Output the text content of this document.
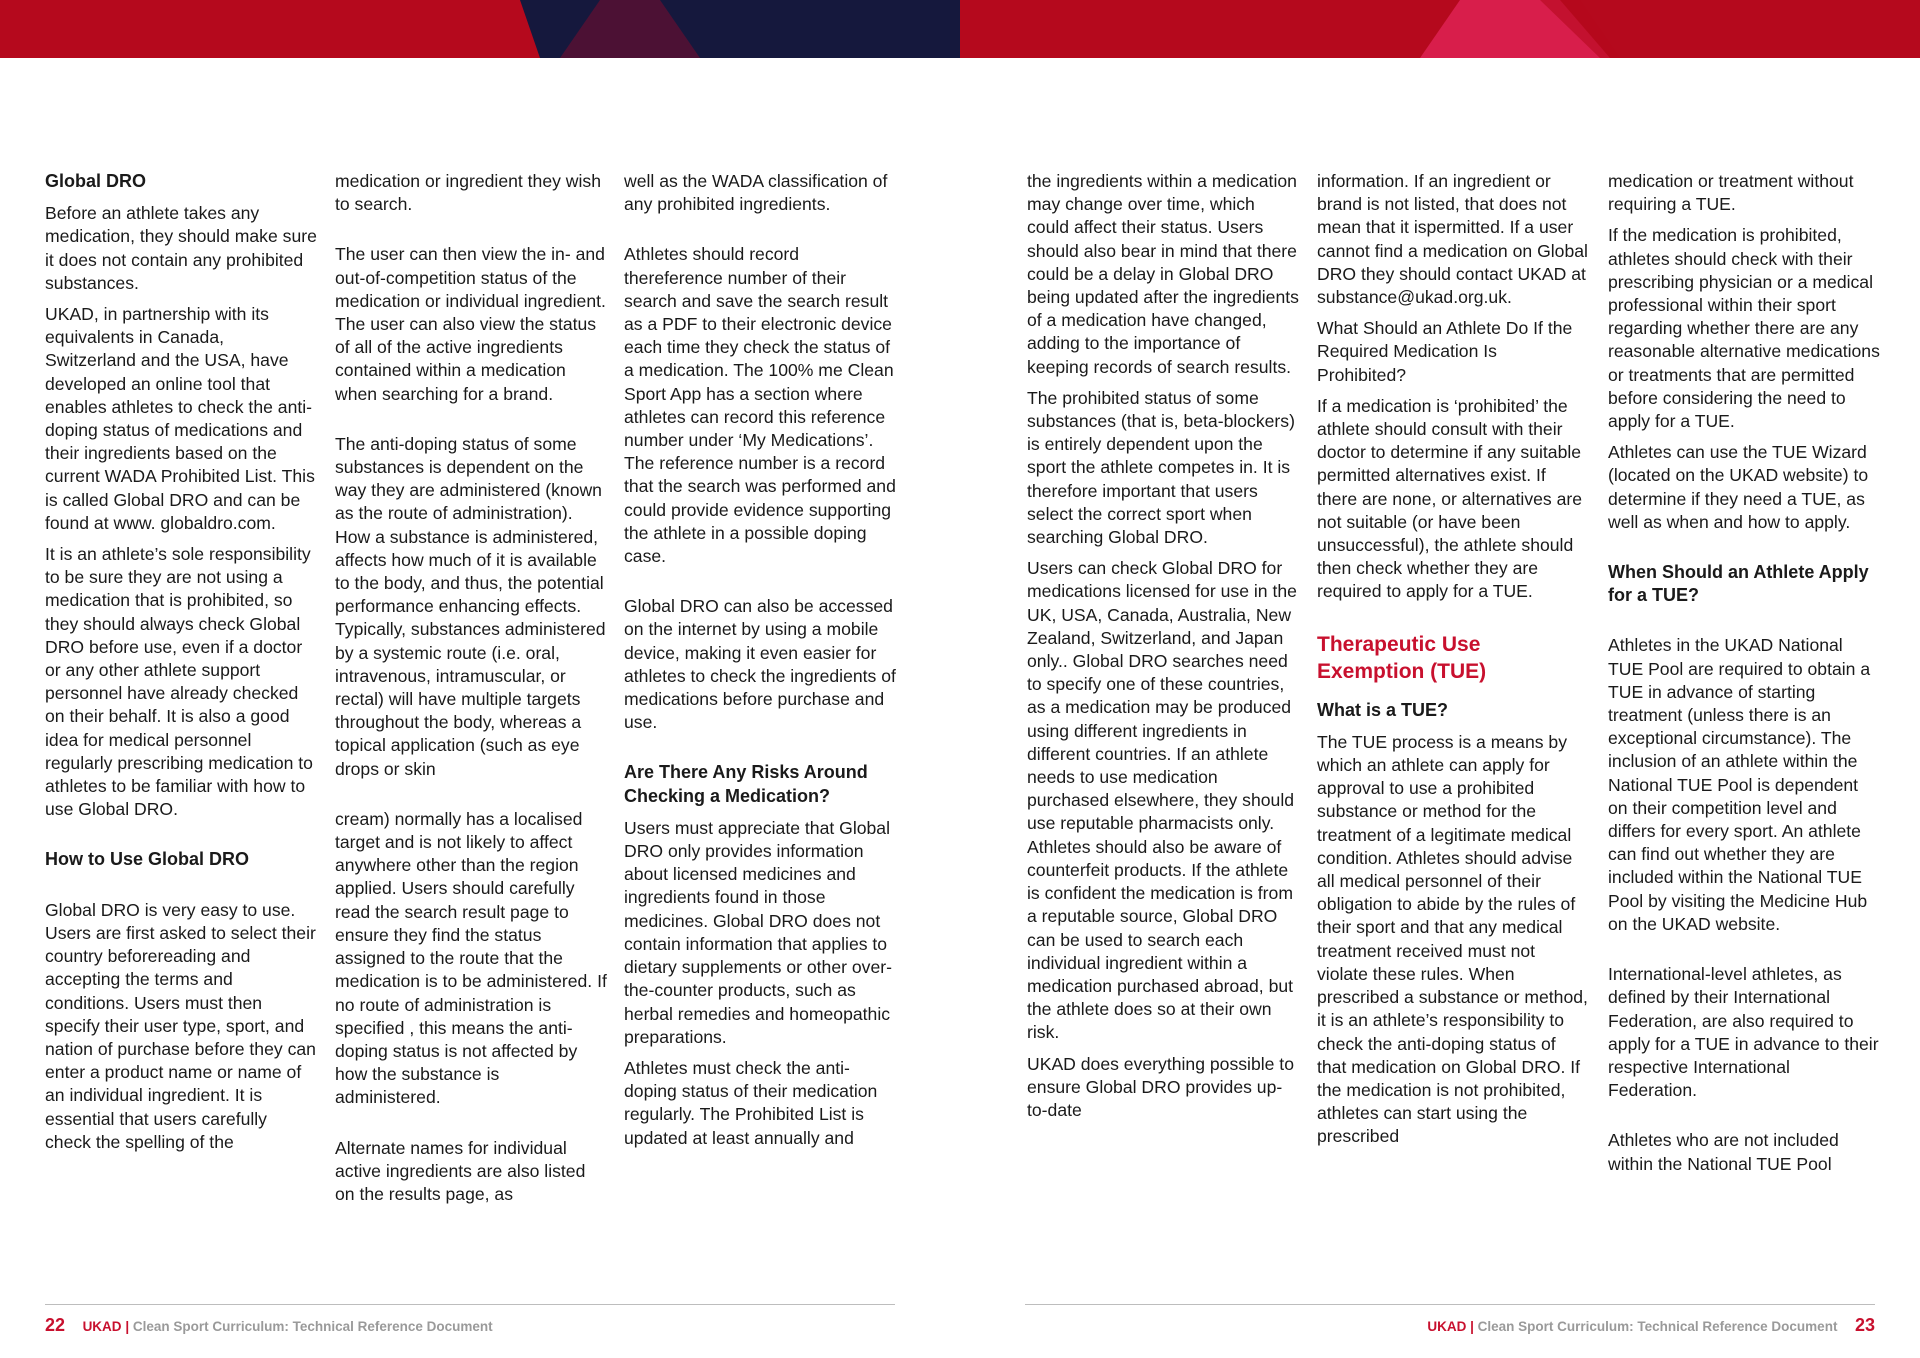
Global DRO

Before an athlete takes any medication, they should make sure it does not contain any prohibited substances.

UKAD, in partnership with its equivalents in Canada, Switzerland and the USA, have developed an online tool that enables athletes to check the anti-doping status of medications and their ingredients based on the current WADA Prohibited List. This is called Global DRO and can be found at www. globaldro.com.

It is an athlete’s sole responsibility to be sure they are not using a medication that is prohibited, so they should always check Global DRO before use, even if a doctor or any other athlete support personnel have already checked on their behalf. It is also a good idea for medical personnel regularly prescribing medication to athletes to be familiar with how to use Global DRO.

How to Use Global DRO

Global DRO is very easy to use. Users are first asked to select their country beforereading and accepting the terms and conditions. Users must then specify their user type, sport, and nation of purchase before they can enter a product name or name of an individual ingredient. It is essential that users carefully check the spelling of the

medication or ingredient they wish to search.

The user can then view the in- and out-of-competition status of the medication or individual ingredient. The user can also view the status of all of the active ingredients contained within a medication when searching for a brand.

The anti-doping status of some substances is dependent on the way they are administered (known as the route of administration). How a substance is administered, affects how much of it is available to the body, and thus, the potential performance enhancing effects. Typically, substances administered by a systemic route (i.e. oral, intravenous, intramuscular, or rectal) will have multiple targets throughout the body, whereas a topical application (such as eye drops or skin

cream) normally has a localised target and is not likely to affect anywhere other than the region applied. Users should carefully read the search result page to ensure they find the status assigned to the route that the medication is to be administered. If no route of administration is specified , this means the anti-doping status is not affected by how the substance is administered.

Alternate names for individual active ingredients are also listed on the results page, as

well as the WADA classification of any prohibited ingredients.

Athletes should record thereference number of their search and save the search result as a PDF to their electronic device each time they check the status of a medication. The 100% me Clean Sport App has a section where athletes can record this reference number under ‘My Medications’. The reference number is a record that the search was performed and could provide evidence supporting the athlete in a possible doping case.

Global DRO can also be accessed on the internet by using a mobile device, making it even easier for athletes to check the ingredients of medications before purchase and use.

Are There Any Risks Around Checking a Medication?

Users must appreciate that Global DRO only provides information about licensed medicines and ingredients found in those medicines. Global DRO does not contain information that applies to dietary supplements or other over-the-counter products, such as herbal remedies and homeopathic preparations.

Athletes must check the anti-doping status of their medication regularly. The Prohibited List is updated at least annually and

the ingredients within a medication may change over time, which could affect their status. Users should also bear in mind that there could be a delay in Global DRO being updated after the ingredients of a medication have changed, adding to the importance of keeping records of search results.

The prohibited status of some substances (that is, beta-blockers) is entirely dependent upon the sport the athlete competes in. It is therefore important that users select the correct sport when searching Global DRO.

Users can check Global DRO for medications licensed for use in the UK, USA, Canada, Australia, New Zealand, Switzerland, and Japan only.. Global DRO searches need to specify one of these countries, as a medication may be produced using different ingredients in different countries. If an athlete needs to use medication purchased elsewhere, they should use reputable pharmacists only. Athletes should also be aware of counterfeit products. If the athlete is confident the medication is from a reputable source, Global DRO can be used to search each individual ingredient within a medication purchased abroad, but the athlete does so at their own risk.

UKAD does everything possible to ensure Global DRO provides up-to-date

information. If an ingredient or brand is not listed, that does not mean that it ispermitted. If a user cannot find a medication on Global DRO they should contact UKAD at substance@ukad.org.uk.

What Should an Athlete Do If the Required Medication Is Prohibited?

If a medication is ‘prohibited’ the athlete should consult with their doctor to determine if any suitable permitted alternatives exist. If there are none, or alternatives are not suitable (or have been unsuccessful), the athlete should then check whether they are required to apply for a TUE.

Therapeutic Use Exemption (TUE)
What is a TUE?

The TUE process is a means by which an athlete can apply for approval to use a prohibited substance or method for the treatment of a legitimate medical condition. Athletes should advise all medical personnel of their obligation to abide by the rules of their sport and that any medical treatment received must not violate these rules. When prescribed a substance or method, it is an athlete’s responsibility to check the anti-doping status of that medication on Global DRO. If the medication is not prohibited, athletes can start using the prescribed

medication or treatment without requiring a TUE.

If the medication is prohibited, athletes should check with their prescribing physician or a medical professional within their sport regarding whether there are any reasonable alternative medications or treatments that are permitted before considering the need to apply for a TUE.

Athletes can use the TUE Wizard (located on the UKAD website) to determine if they need a TUE, as well as when and how to apply.

When Should an Athlete Apply for a TUE?

Athletes in the UKAD National TUE Pool are required to obtain a TUE in advance of starting treatment (unless there is an exceptional circumstance). The inclusion of an athlete within the National TUE Pool is dependent on their competition level and differs for every sport. An athlete can find out whether they are included within the National TUE Pool by visiting the Medicine Hub on the UKAD website.

International-level athletes, as defined by their International Federation, are also required to apply for a TUE in advance to their respective International Federation.

Athletes who are not included within the National TUE Pool

22 UKAD | Clean Sport Curriculum: Technical Reference Document	UKAD | Clean Sport Curriculum: Technical Reference Document 23
